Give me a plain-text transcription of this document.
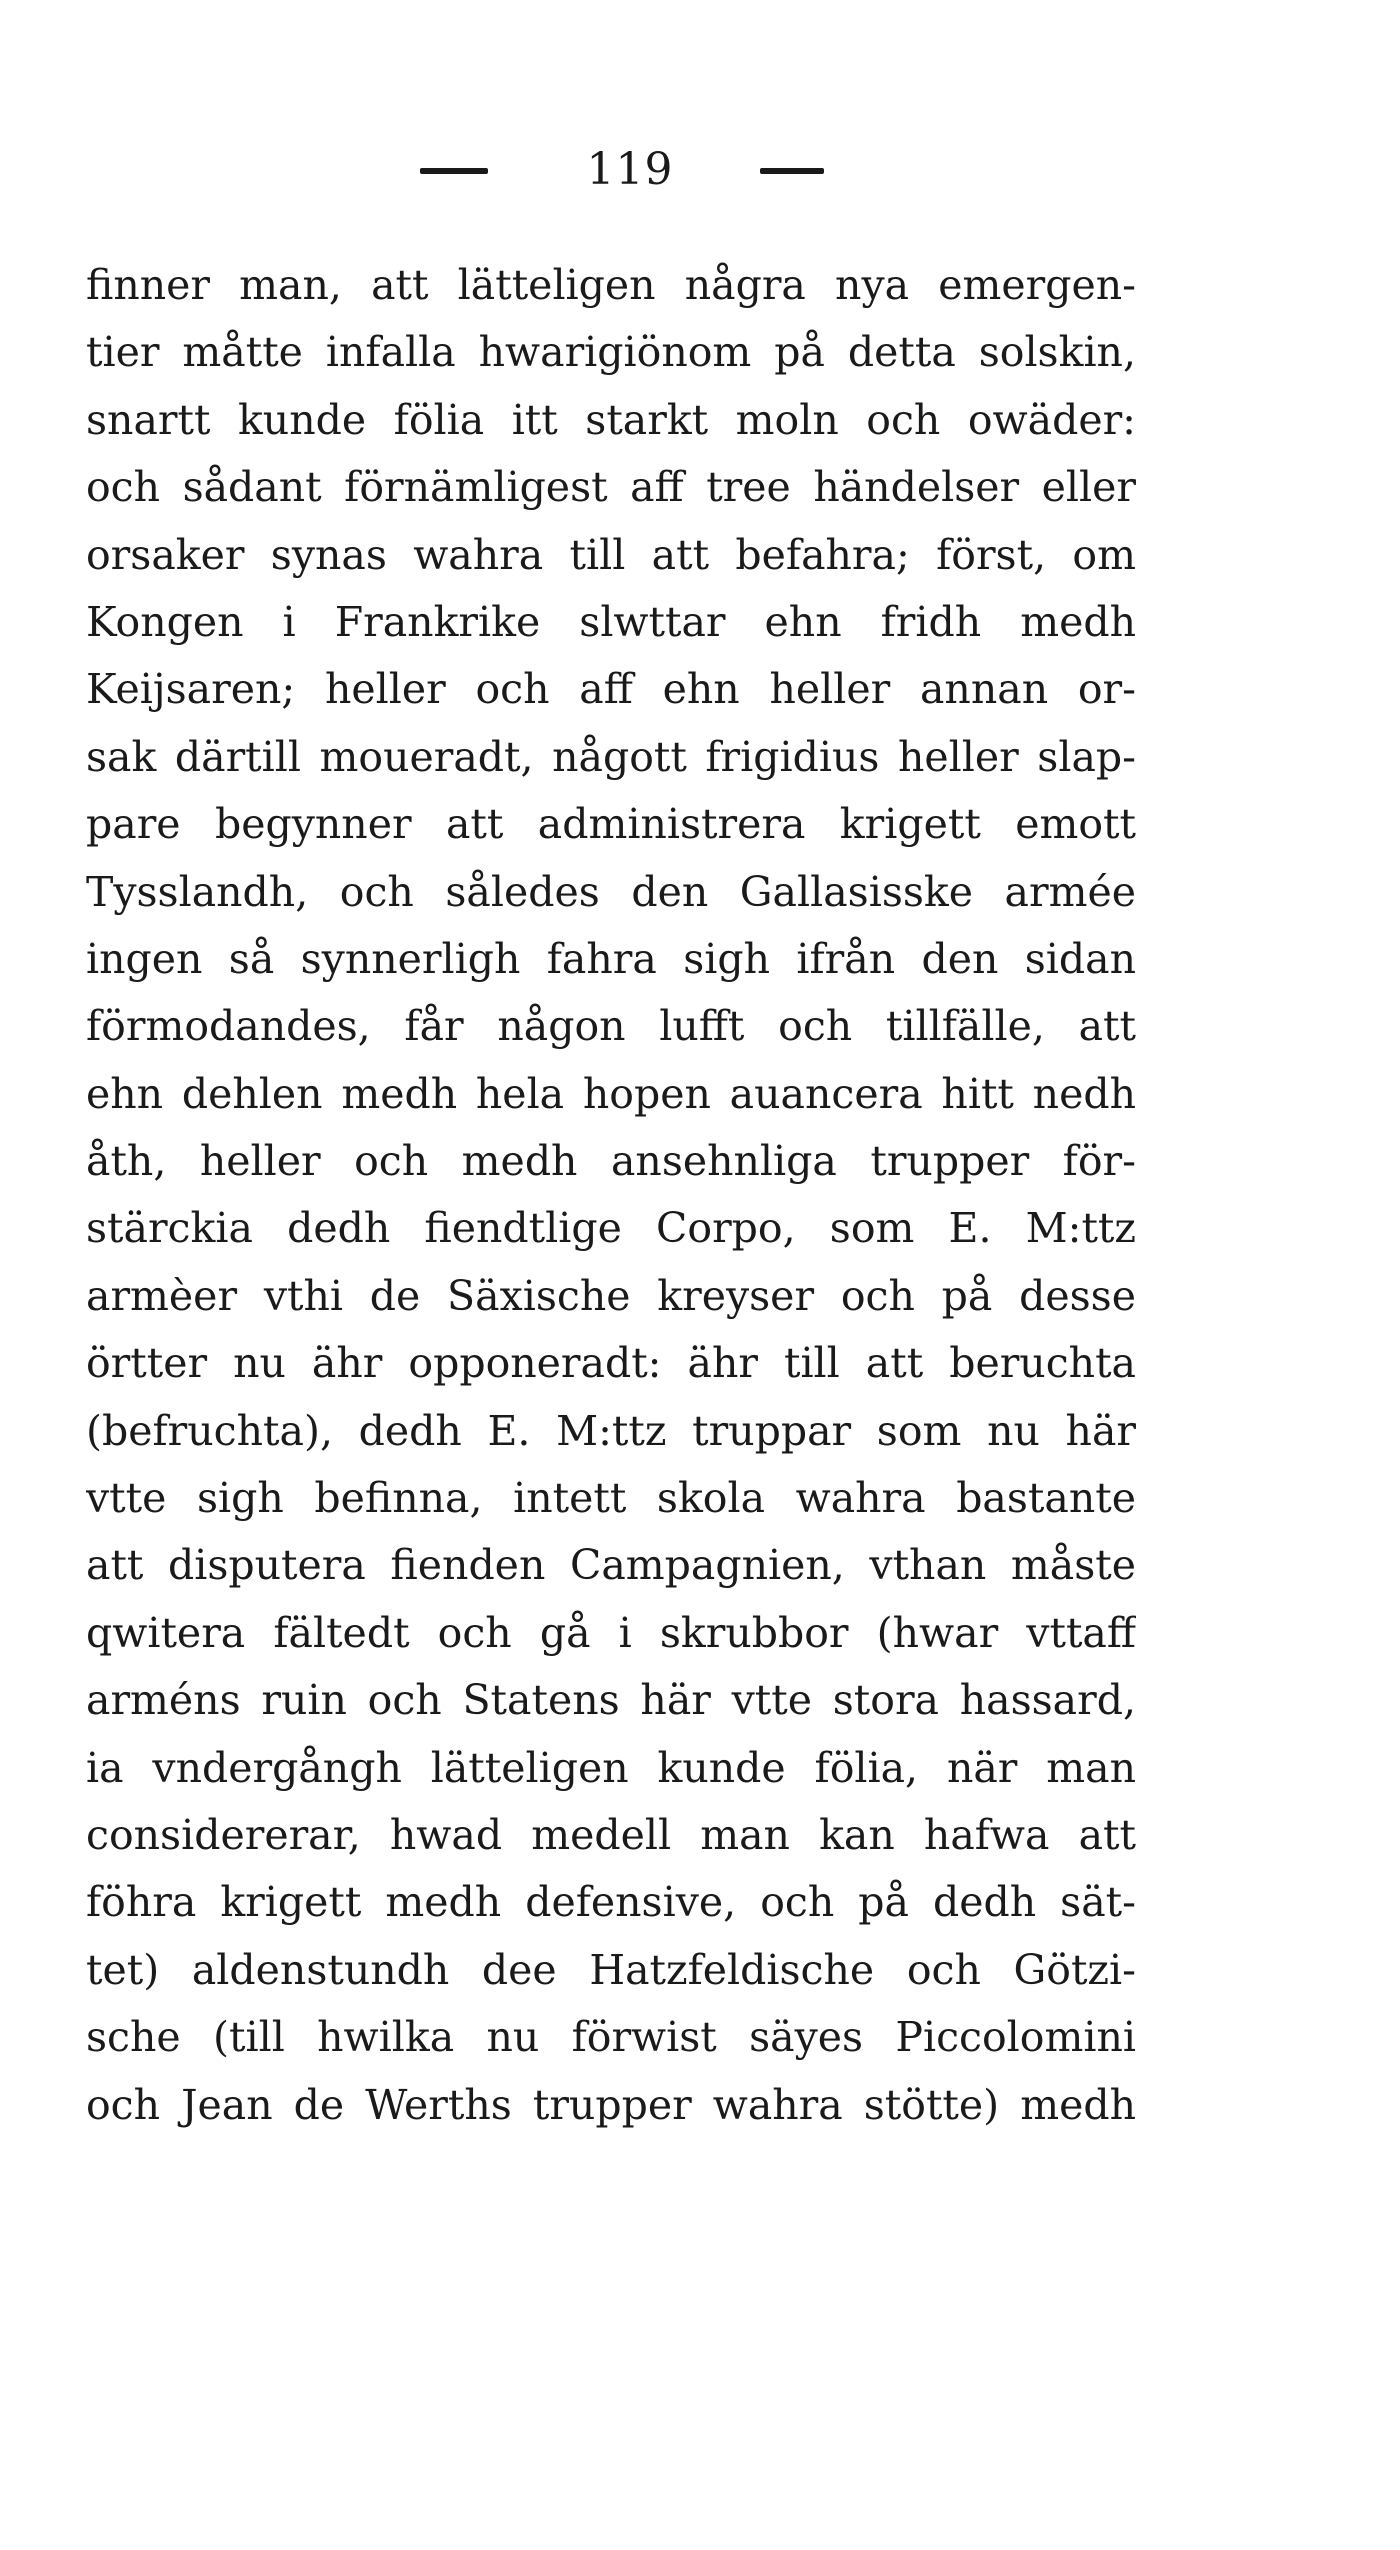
119
finner man, att lätteligen några nya emergen-
tier måtte infalla hwarigiönom på detta solskin,
snartt kunde fölia itt starkt moln och owäder:
och sådant förnämligest aff tree händelser eller
orsaker synas wahra till att befahra; först, om
Kongen i Frankrike slwttar ehn fridh medh
Keijsaren; heller och aff ehn heller annan or-
sak därtill moueradt, någott frigidius heller slap-
pare begynner att administrera krigett emott
Tysslandh, och således den Gallasisske armée
ingen så synnerligh fahra sigh ifrån den sidan
förmodandes, får någon lufft och tillfälle, att
ehn dehlen medh hela hopen auancera hitt nedh
åth, heller och medh ansehnliga trupper för-
stärckia dedh fiendtlige Corpo, som E. M:ttz
armèer vthi de Säxische kreyser och på desse
örtter nu ähr opponeradt: ähr till att beruchta
(befruchta), dedh E. M:ttz truppar som nu här
vtte sigh befinna, intett skola wahra bastante
att disputera fienden Campagnien, vthan måste
qwitera fältedt och gå i skrubbor (hwar vttaff
arméns ruin och Statens här vtte stora hassard,
ia vndergångh lätteligen kunde fölia, när man
considererar, hwad medell man kan hafwa att
föhra krigett medh defensive, och på dedh sät-
tet) aldenstundh dee Hatzfeldische och Götzi-
sche (till hwilka nu förwist säyes Piccolomini
och Jean de Werths trupper wahra stötte) medh
